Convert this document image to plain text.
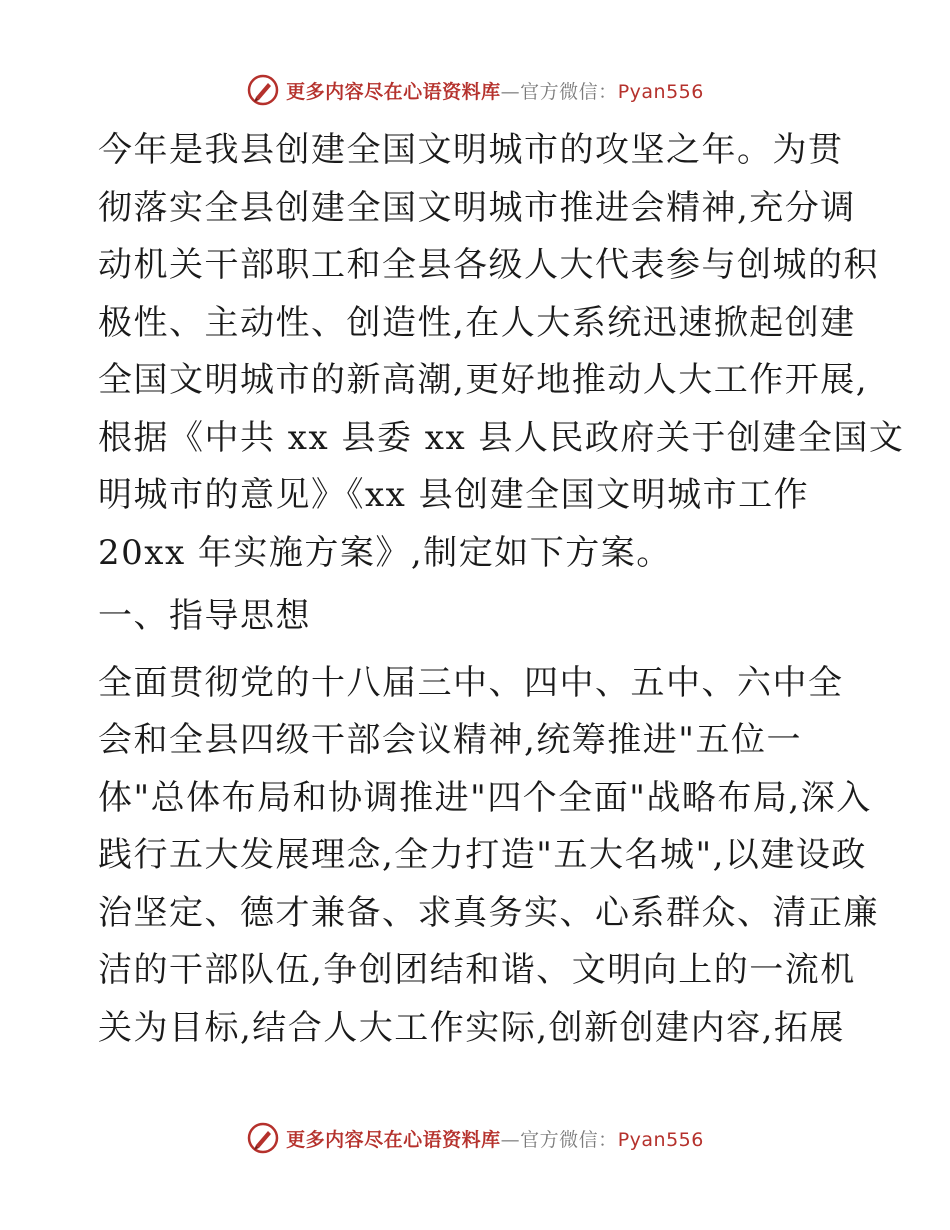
更多内容尽在心语资料库—官方微信：Pyan556

今年是我县创建全国文明城市的攻坚之年。为贯

彻落实全县创建全国文明城市推进会精神,充分调

动机关干部职工和全县各级人大代表参与创城的积

极性、主动性、创造性,在人大系统迅速掀起创建

全国文明城市的新高潮,更好地推动人大工作开展,

根据《中共 xx 县委 xx 县人民政府关于创建全国文

明城市的意见》《xx 县创建全国文明城市工作

20xx 年实施方案》,制定如下方案。

一、指导思想

全面贯彻党的十八届三中、四中、五中、六中全

会和全县四级干部会议精神,统筹推进"五位一

体"总体布局和协调推进"四个全面"战略布局,深入

践行五大发展理念,全力打造"五大名城",以建设政

治坚定、德才兼备、求真务实、心系群众、清正廉

洁的干部队伍,争创团结和谐、文明向上的一流机

关为目标,结合人大工作实际,创新创建内容,拓展

更多内容尽在心语资料库—官方微信：Pyan556
